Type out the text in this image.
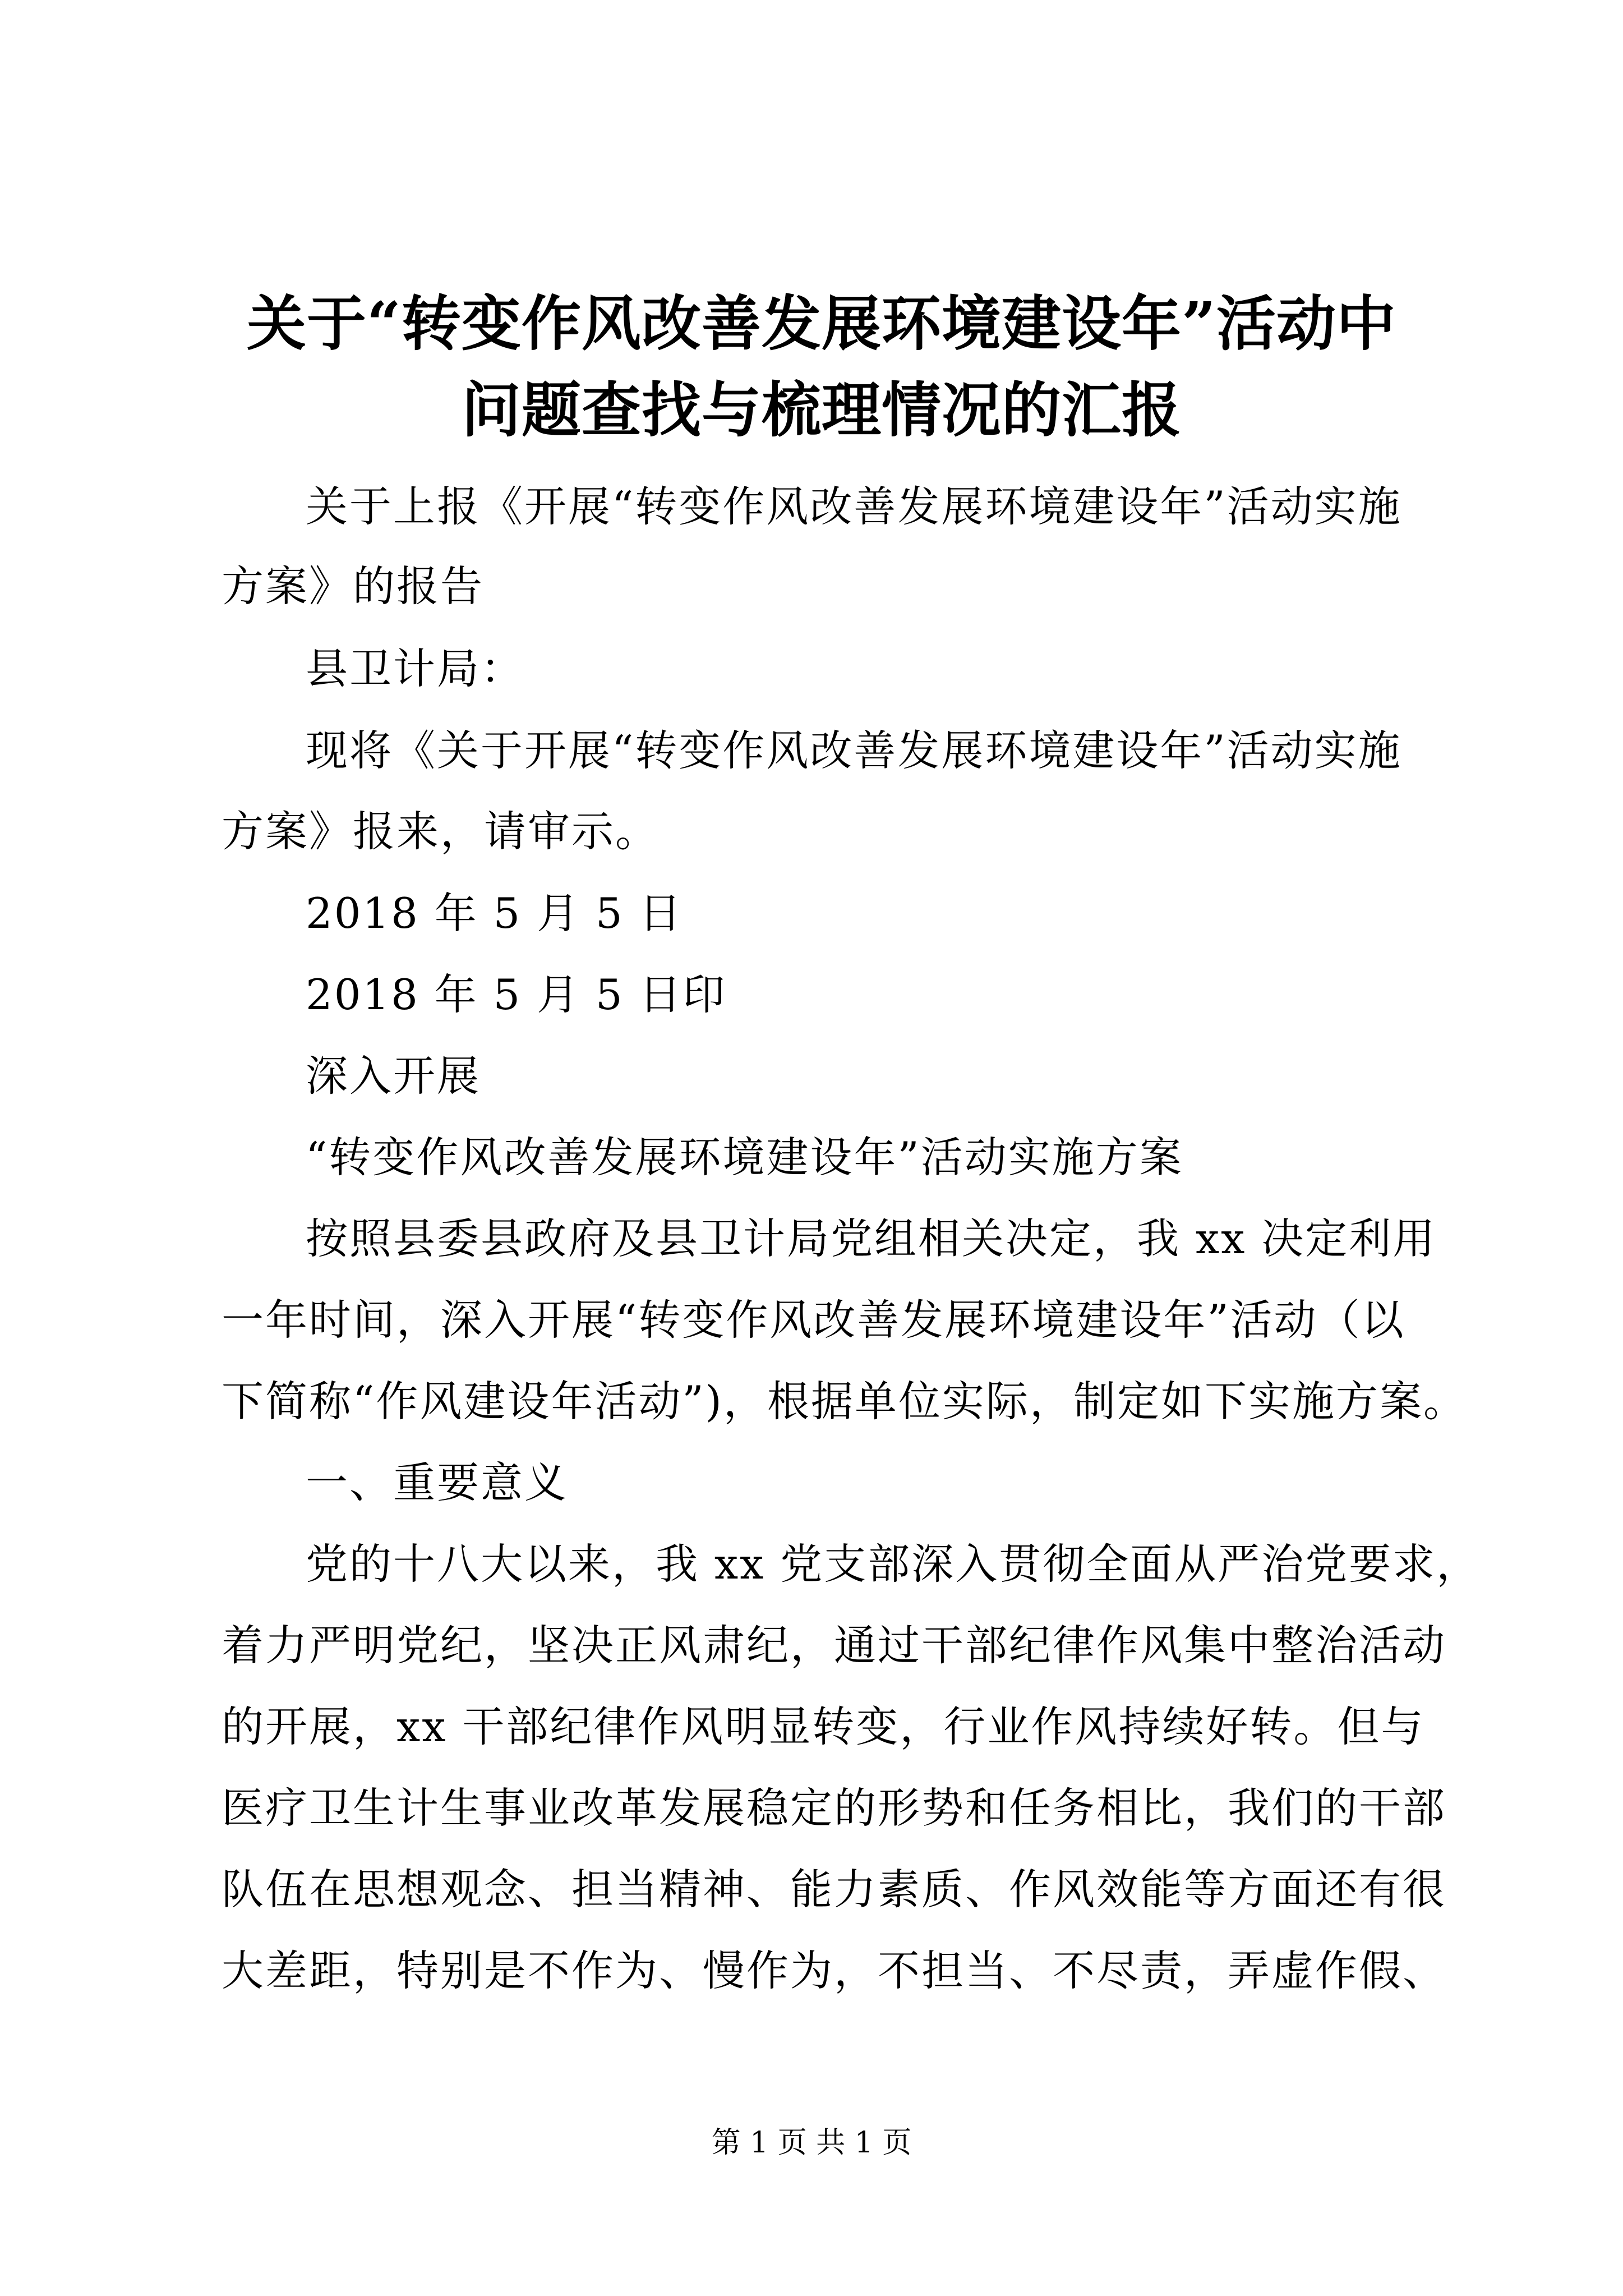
关于“转变作风改善发展环境建设年”活动中
问题查找与梳理情况的汇报
关于上报《开展“转变作风改善发展环境建设年”活动实施
方案》的报告
县卫计局：
现将《关于开展“转变作风改善发展环境建设年”活动实施
方案》报来，请审示。
2018 年 5 月 5 日
2018 年 5 月 5 日印
深入开展
“转变作风改善发展环境建设年”活动实施方案
按照县委县政府及县卫计局党组相关决定，我 xx 决定利用
一年时间，深入开展“转变作风改善发展环境建设年”活动（以
下简称“作风建设年活动”)，根据单位实际，制定如下实施方案。
一、重要意义
党的十八大以来，我 xx 党支部深入贯彻全面从严治党要求，
着力严明党纪，坚决正风肃纪，通过干部纪律作风集中整治活动
的开展，xx 干部纪律作风明显转变，行业作风持续好转。但与
医疗卫生计生事业改革发展稳定的形势和任务相比，我们的干部
队伍在思想观念、担当精神、能力素质、作风效能等方面还有很
大差距，特别是不作为、慢作为，不担当、不尽责，弄虚作假、
第 1 页 共 1 页
